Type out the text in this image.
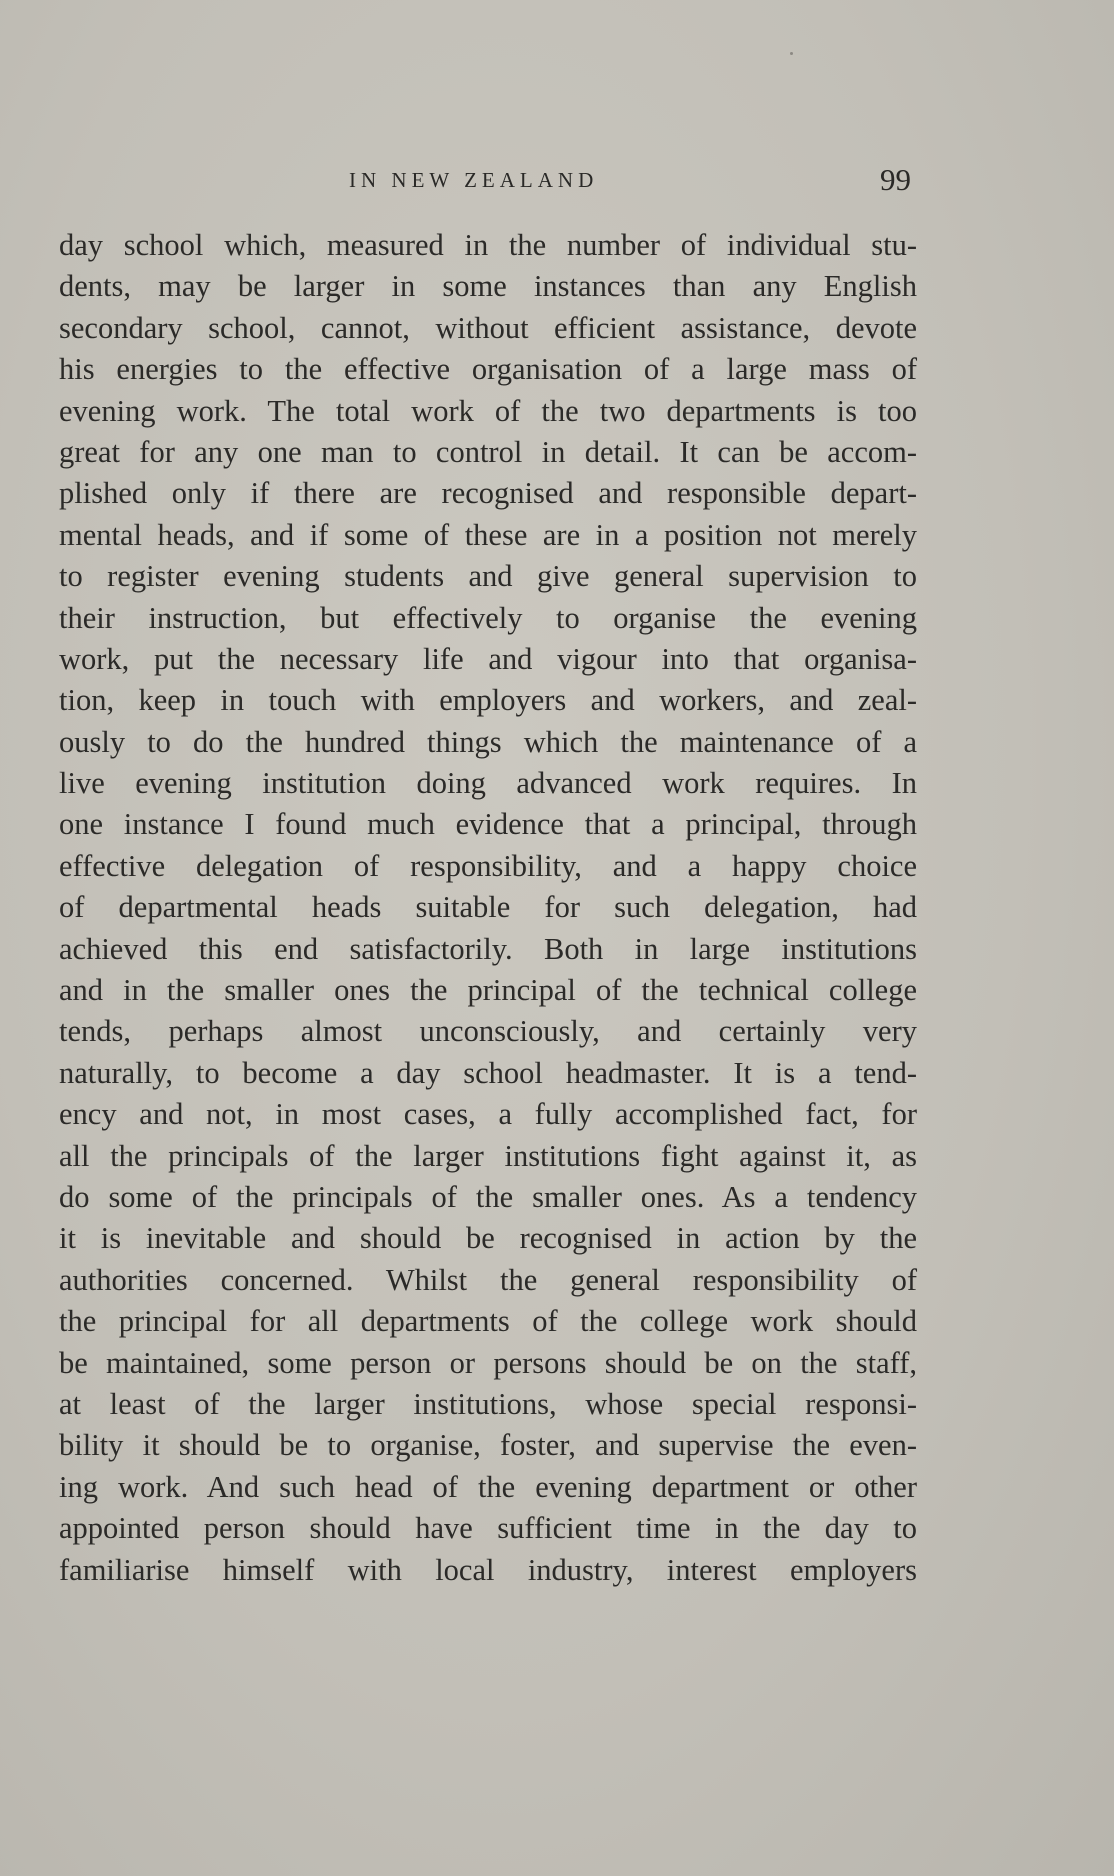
IN NEW ZEALAND	99
day school which, measured in the number of individual stu-
dents, may be larger in some instances than any English
secondary school, cannot, without efficient assistance, devote
his energies to the effective organisation of a large mass of
evening work. The total work of the two departments is too
great for any one man to control in detail. It can be accom-
plished only if there are recognised and responsible depart-
mental heads, and if some of these are in a position not merely
to register evening students and give general supervision to
their instruction, but effectively to organise the evening
work, put the necessary life and vigour into that organisa-
tion, keep in touch with employers and workers, and zeal-
ously to do the hundred things which the maintenance of a
live evening institution doing advanced work requires. In
one instance I found much evidence that a principal, through
effective delegation of responsibility, and a happy choice
of departmental heads suitable for such delegation, had
achieved this end satisfactorily. Both in large institutions
and in the smaller ones the principal of the technical college
tends, perhaps almost unconsciously, and certainly very
naturally, to become a day school headmaster. It is a tend-
ency and not, in most cases, a fully accomplished fact, for
all the principals of the larger institutions fight against it, as
do some of the principals of the smaller ones. As a tendency
it is inevitable and should be recognised in action by the
authorities concerned. Whilst the general responsibility of
the principal for all departments of the college work should
be maintained, some person or persons should be on the staff,
at least of the larger institutions, whose special responsi-
bility it should be to organise, foster, and supervise the even-
ing work. And such head of the evening department or other
appointed person should have sufficient time in the day to
familiarise himself with local industry, interest employers
